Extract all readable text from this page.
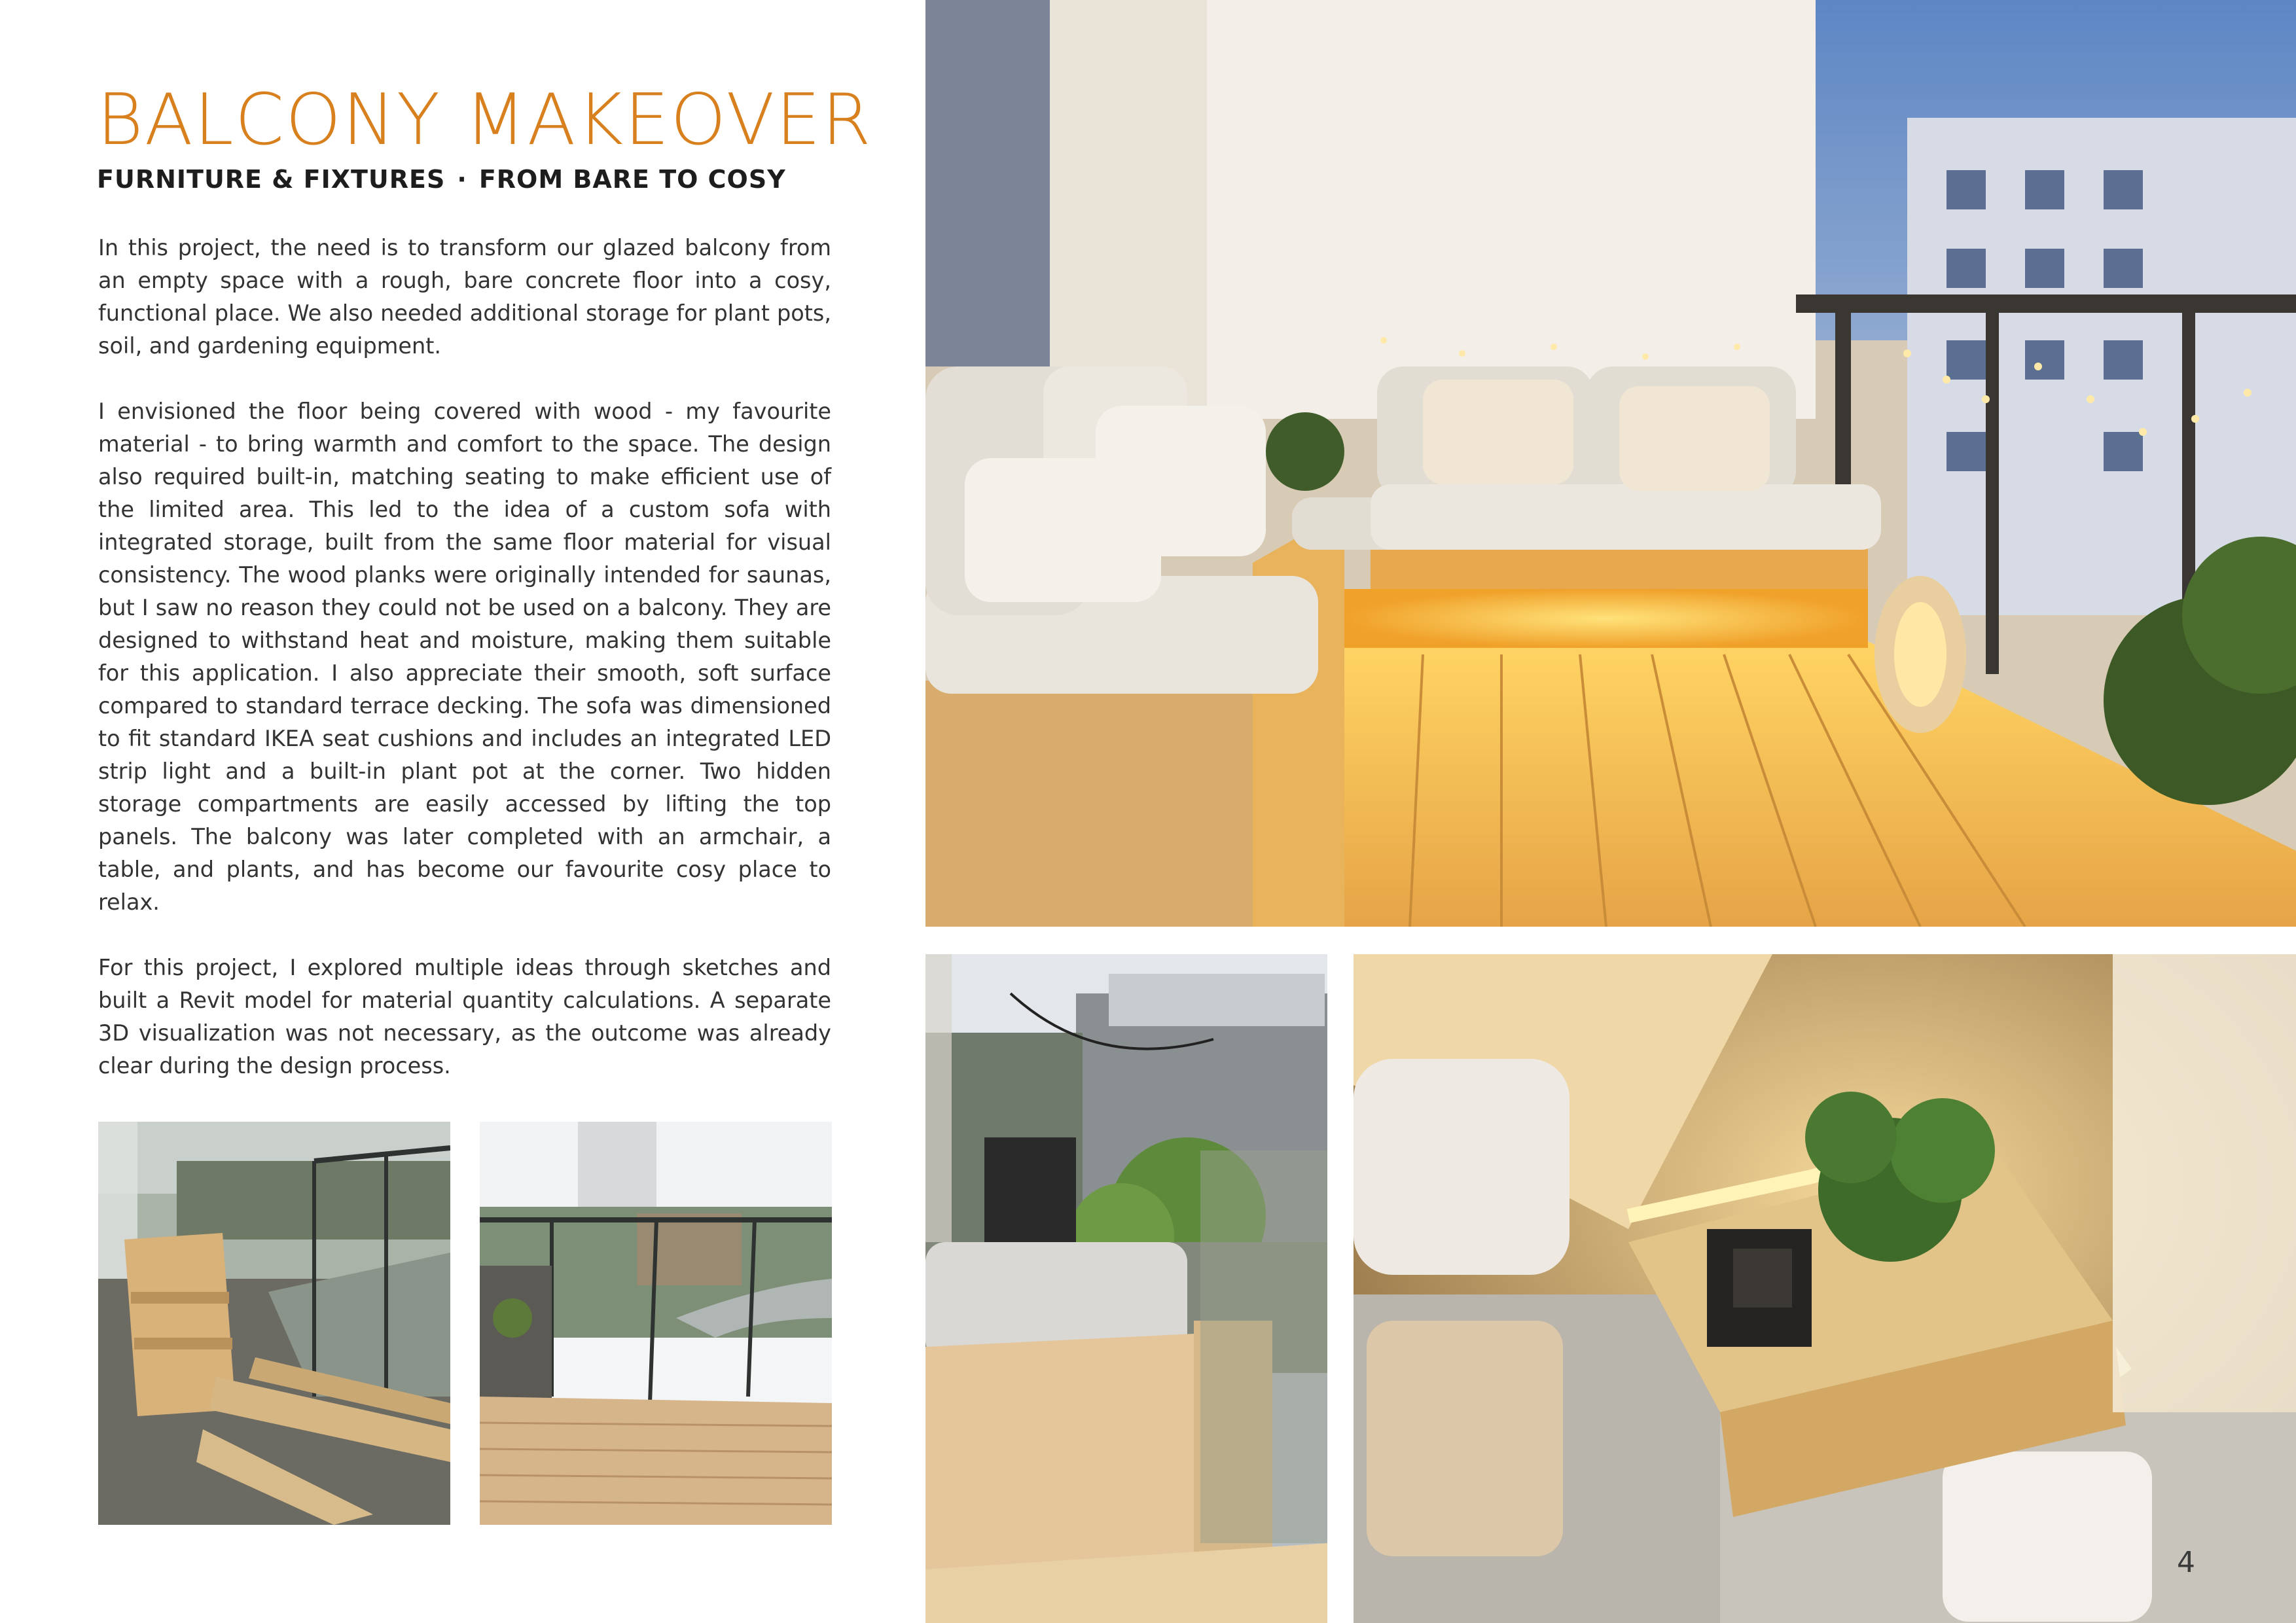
BALCONY MAKEOVER
FURNITURE & FIXTURES · FROM BARE TO COSY

In this project, the need is to transform our glazed balcony from an empty space with a rough, bare concrete floor into a cosy, functional place. We also needed additional storage for plant pots, soil, and gardening equipment.

I envisioned the floor being covered with wood - my favourite material - to bring warmth and comfort to the space. The design also required built-in, matching seating to make efficient use of the limited area. This led to the idea of a custom sofa with integrated storage, built from the same floor material for visual consistency. The wood planks were originally intended for saunas, but I saw no reason they could not be used on a balcony. They are designed to withstand heat and moisture, making them suitable for this application. I also appreciate their smooth, soft surface compared to standard terrace decking. The sofa was dimensioned to fit standard IKEA seat cushions and includes an integrated LED strip light and a built-in plant pot at the corner. Two hidden storage compartments are easily accessed by lifting the top panels. The balcony was later completed with an armchair, a table, and plants, and has become our favourite cosy place to relax.

For this project, I explored multiple ideas through sketches and built a Revit model for material quantity calculations. A separate 3D visualization was not necessary, as the outcome was already clear during the design process.

4
